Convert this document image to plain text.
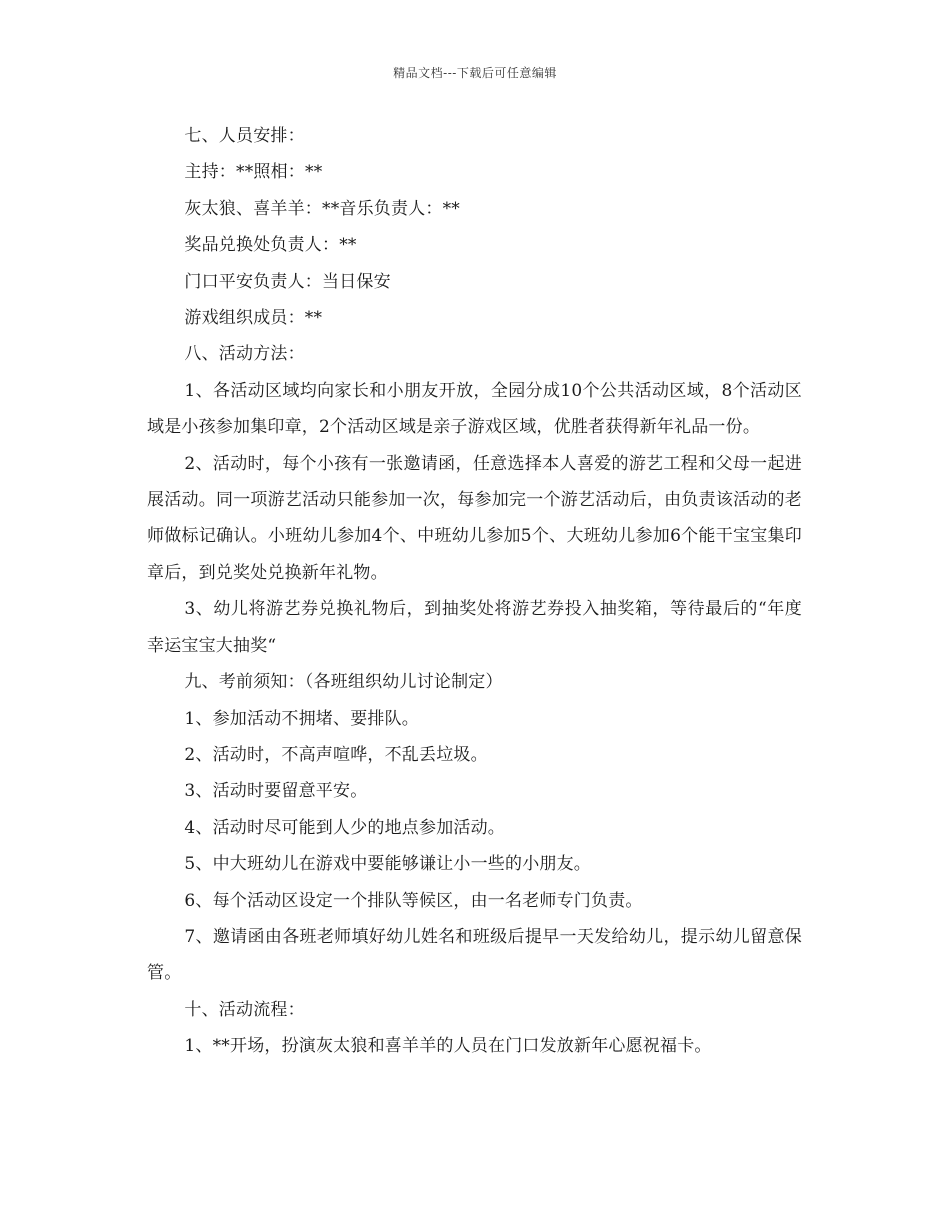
精品文档---下载后可任意编辑

七、人员安排：

主持：**照相：**

灰太狼、喜羊羊：**音乐负责人：**

奖品兑换处负责人：**

门口平安负责人：当日保安

游戏组织成员：**

八、活动方法：

1、各活动区域均向家长和小朋友开放，全园分成10个公共活动区域，8个活动区域是小孩参加集印章，2个活动区域是亲子游戏区域，优胜者获得新年礼品一份。

2、活动时，每个小孩有一张邀请函，任意选择本人喜爱的游艺工程和父母一起进展活动。同一项游艺活动只能参加一次，每参加完一个游艺活动后，由负责该活动的老师做标记确认。小班幼儿参加4个、中班幼儿参加5个、大班幼儿参加6个能干宝宝集印章后，到兑奖处兑换新年礼物。

3、幼儿将游艺券兑换礼物后，到抽奖处将游艺券投入抽奖箱，等待最后的“年度幸运宝宝大抽奖“

九、考前须知：（各班组织幼儿讨论制定）

1、参加活动不拥堵、要排队。

2、活动时，不高声喧哗，不乱丢垃圾。

3、活动时要留意平安。

4、活动时尽可能到人少的地点参加活动。

5、中大班幼儿在游戏中要能够谦让小一些的小朋友。

6、每个活动区设定一个排队等候区，由一名老师专门负责。

7、邀请函由各班老师填好幼儿姓名和班级后提早一天发给幼儿，提示幼儿留意保管。

十、活动流程：

1、**开场，扮演灰太狼和喜羊羊的人员在门口发放新年心愿祝福卡。
